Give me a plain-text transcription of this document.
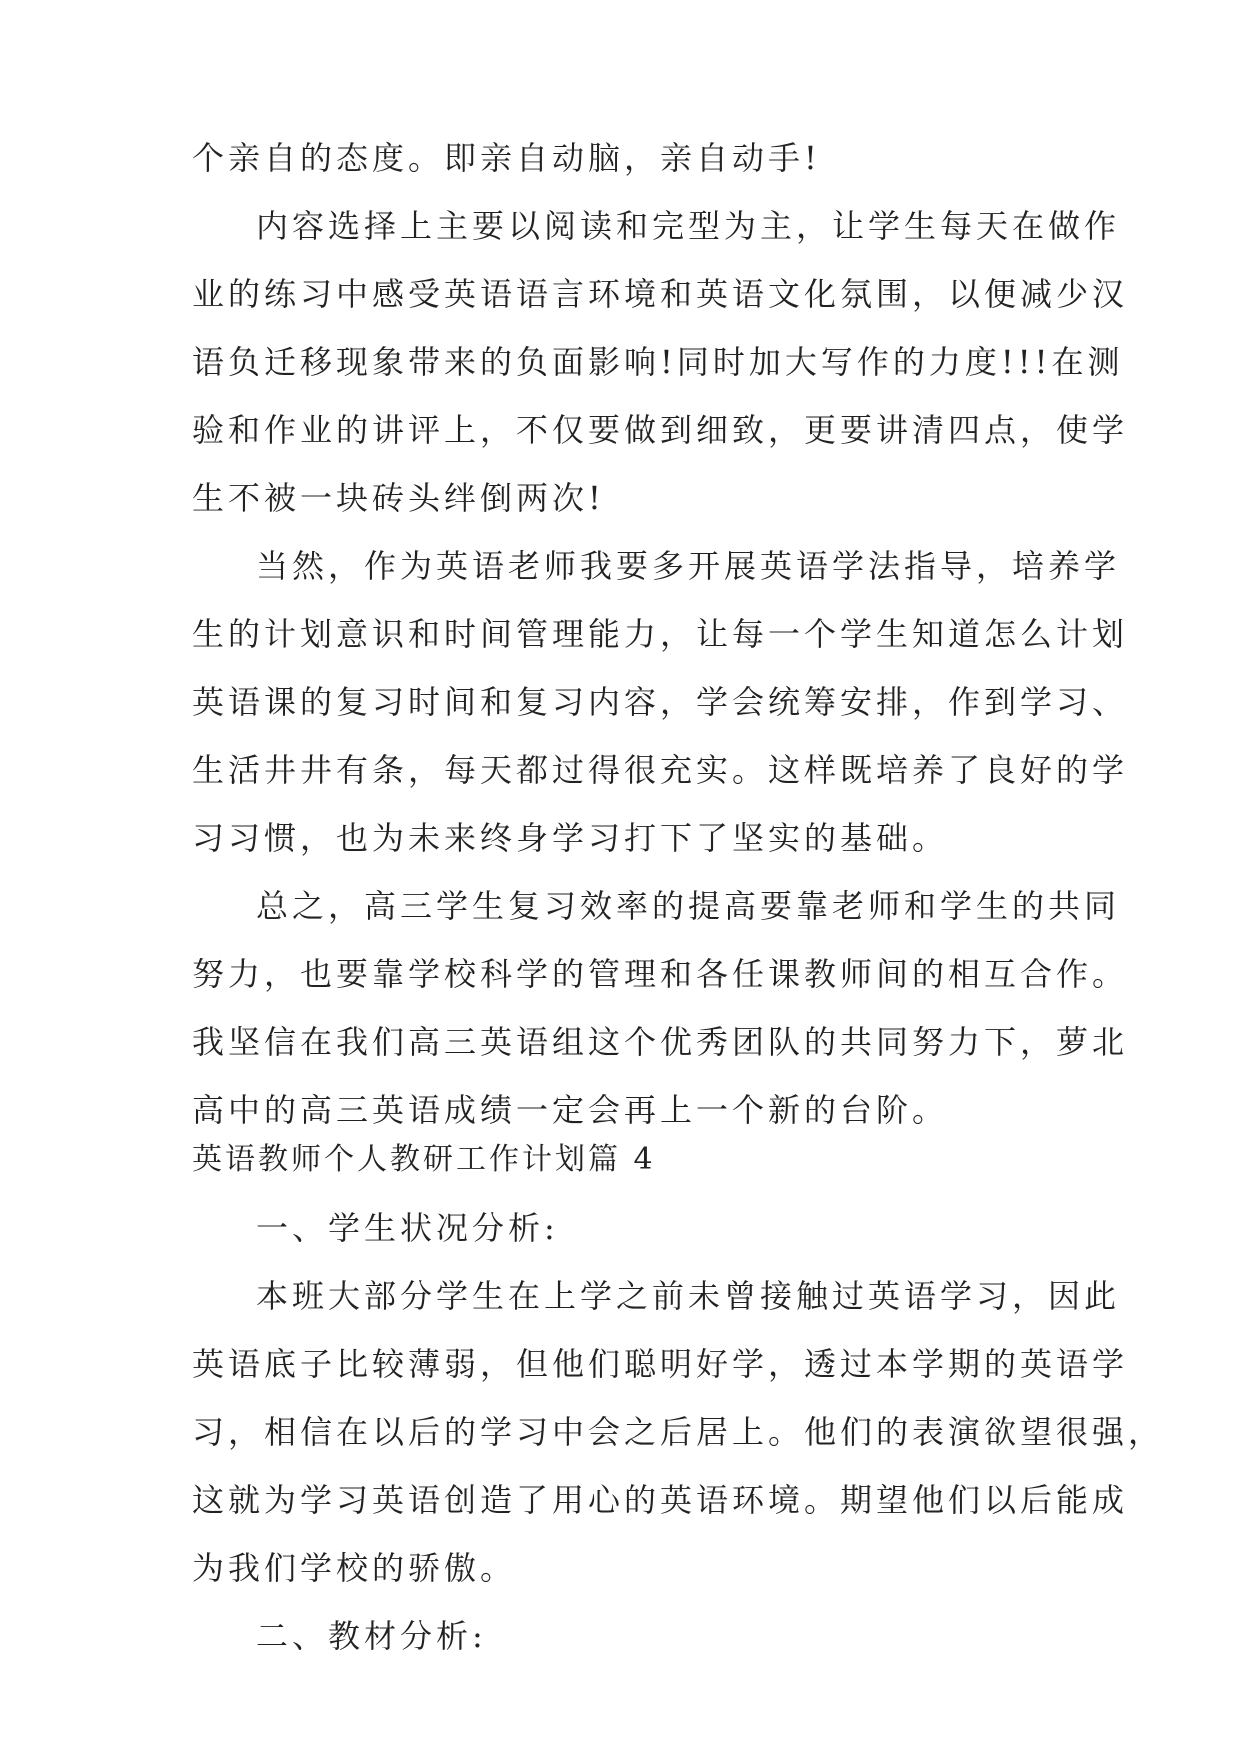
个亲自的态度。即亲自动脑，亲自动手!
内容选择上主要以阅读和完型为主，让学生每天在做作
业的练习中感受英语语言环境和英语文化氛围，以便减少汉
语负迁移现象带来的负面影响!同时加大写作的力度!!!在测
验和作业的讲评上，不仅要做到细致，更要讲清四点，使学
生不被一块砖头绊倒两次!
当然，作为英语老师我要多开展英语学法指导，培养学
生的计划意识和时间管理能力，让每一个学生知道怎么计划
英语课的复习时间和复习内容，学会统筹安排，作到学习、
生活井井有条，每天都过得很充实。这样既培养了良好的学
习习惯，也为未来终身学习打下了坚实的基础。
总之，高三学生复习效率的提高要靠老师和学生的共同
努力，也要靠学校科学的管理和各任课教师间的相互合作。
我坚信在我们高三英语组这个优秀团队的共同努力下，萝北
高中的高三英语成绩一定会再上一个新的台阶。
英语教师个人教研工作计划篇 4
一、学生状况分析:
本班大部分学生在上学之前未曾接触过英语学习，因此
英语底子比较薄弱，但他们聪明好学，透过本学期的英语学
习，相信在以后的学习中会之后居上。他们的表演欲望很强，
这就为学习英语创造了用心的英语环境。期望他们以后能成
为我们学校的骄傲。
二、教材分析:
